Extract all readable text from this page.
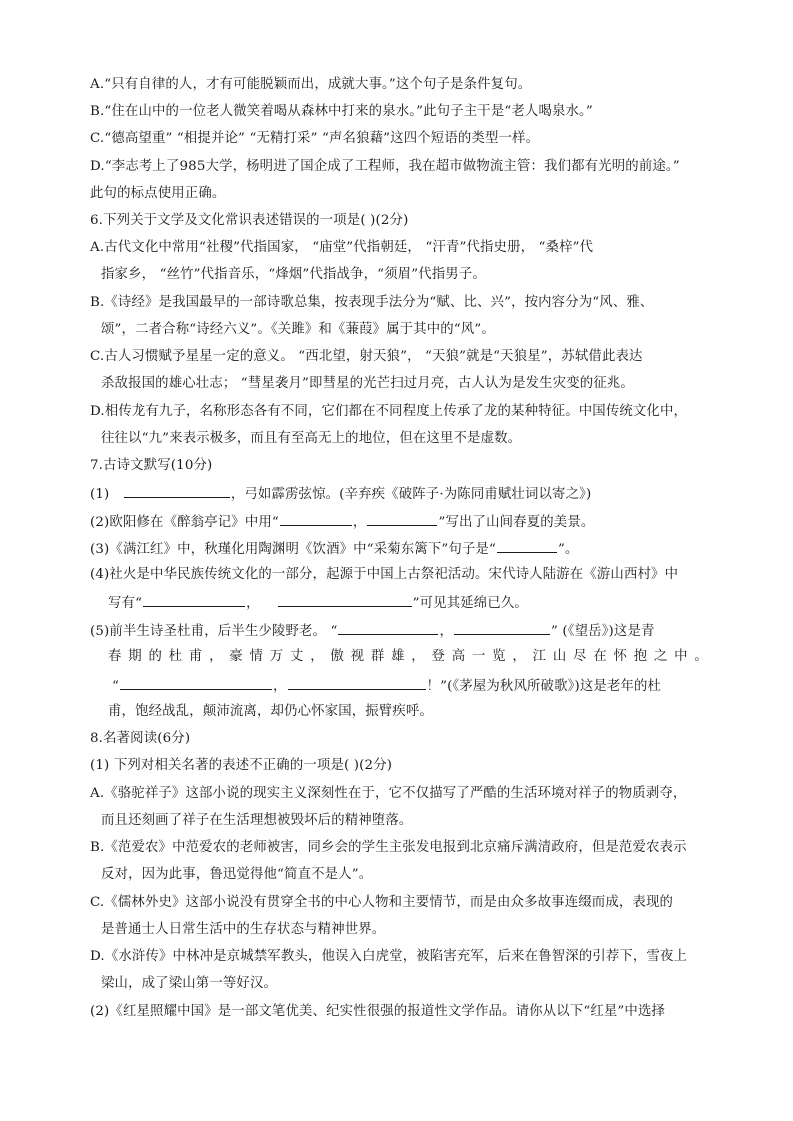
A.“只有自律的人，才有可能脱颖而出，成就大事。”这个句子是条件复句。

B.“住在山中的一位老人微笑着喝从森林中打来的泉水。”此句子主干是“老人喝泉水。”

C.“德高望重” “相提并论” “无精打采” “声名狼藉”这四个短语的类型一样。

D.“李志考上了985大学，杨明进了国企成了工程师，我在超市做物流主管：我们都有光明的前途。”

此句的标点使用正确。

6.下列关于文学及文化常识表述错误的一项是( )(2分)

A.古代文化中常用“社稷”代指国家， “庙堂”代指朝廷， “汗青”代指史册， “桑梓”代

指家乡， “丝竹”代指音乐，“烽烟”代指战争，“须眉”代指男子。

B.《诗经》是我国最早的一部诗歌总集，按表现手法分为“赋、比、兴”，按内容分为“风、雅、

颂”，二者合称“诗经六义”。《关雎》和《蒹葭》属于其中的“风”。

C.古人习惯赋予星星一定的意义。 “西北望，射天狼”， “天狼”就是“天狼星”，苏轼借此表达

杀敌报国的雄心壮志； “彗星袭月”即彗星的光芒扫过月亮，古人认为是发生灾变的征兆。

D.相传龙有九子，名称形态各有不同，它们都在不同程度上传承了龙的某种特征。中国传统文化中，

往往以“九”来表示极多，而且有至高无上的地位，但在这里不是虚数。

7.古诗文默写(10分)

(1)	，弓如霹雳弦惊。(辛弃疾《破阵子·为陈同甫赋壮词以寄之》)

(2)欧阳修在《醉翁亭记》中用“	，	”写出了山间春夏的美景。

(3)《满江红》中，秋瑾化用陶渊明《饮酒》中“采菊东篱下”句子是“	”。

(4)社火是中华民族传统文化的一部分，起源于中国上古祭祀活动。宋代诗人陆游在《游山西村》中

写有“	，	”可见其延绵已久。

(5)前半生诗圣杜甫，后半生少陵野老。 “	，	” (《望岳》)这是青

春 期 的 杜 甫 ， 豪 情 万 丈 ， 傲 视 群 雄 ， 登 高 一 览 ， 江 山 尽 在 怀 抱 之 中 。

“	，	！”(《茅屋为秋风所破歌》)这是老年的杜

甫，饱经战乱，颠沛流离，却仍心怀家国，振臂疾呼。

8.名著阅读(6分)

(1) 下列对相关名著的表述不正确的一项是( )(2分)

A.《骆驼祥子》这部小说的现实主义深刻性在于，它不仅描写了严酷的生活环境对祥子的物质剥夺，

而且还刻画了祥子在生活理想被毁坏后的精神堕落。

B.《范爱农》中范爱农的老师被害，同乡会的学生主张发电报到北京痛斥满清政府，但是范爱农表示

反对，因为此事，鲁迅觉得他“简直不是人”。

C.《儒林外史》这部小说没有贯穿全书的中心人物和主要情节，而是由众多故事连缀而成，表现的

是普通士人日常生活中的生存状态与精神世界。

D.《水浒传》中林冲是京城禁军教头，他误入白虎堂，被陷害充军，后来在鲁智深的引荐下，雪夜上

梁山，成了梁山第一等好汉。

(2)《红星照耀中国》是一部文笔优美、纪实性很强的报道性文学作品。请你从以下“红星”中选择
